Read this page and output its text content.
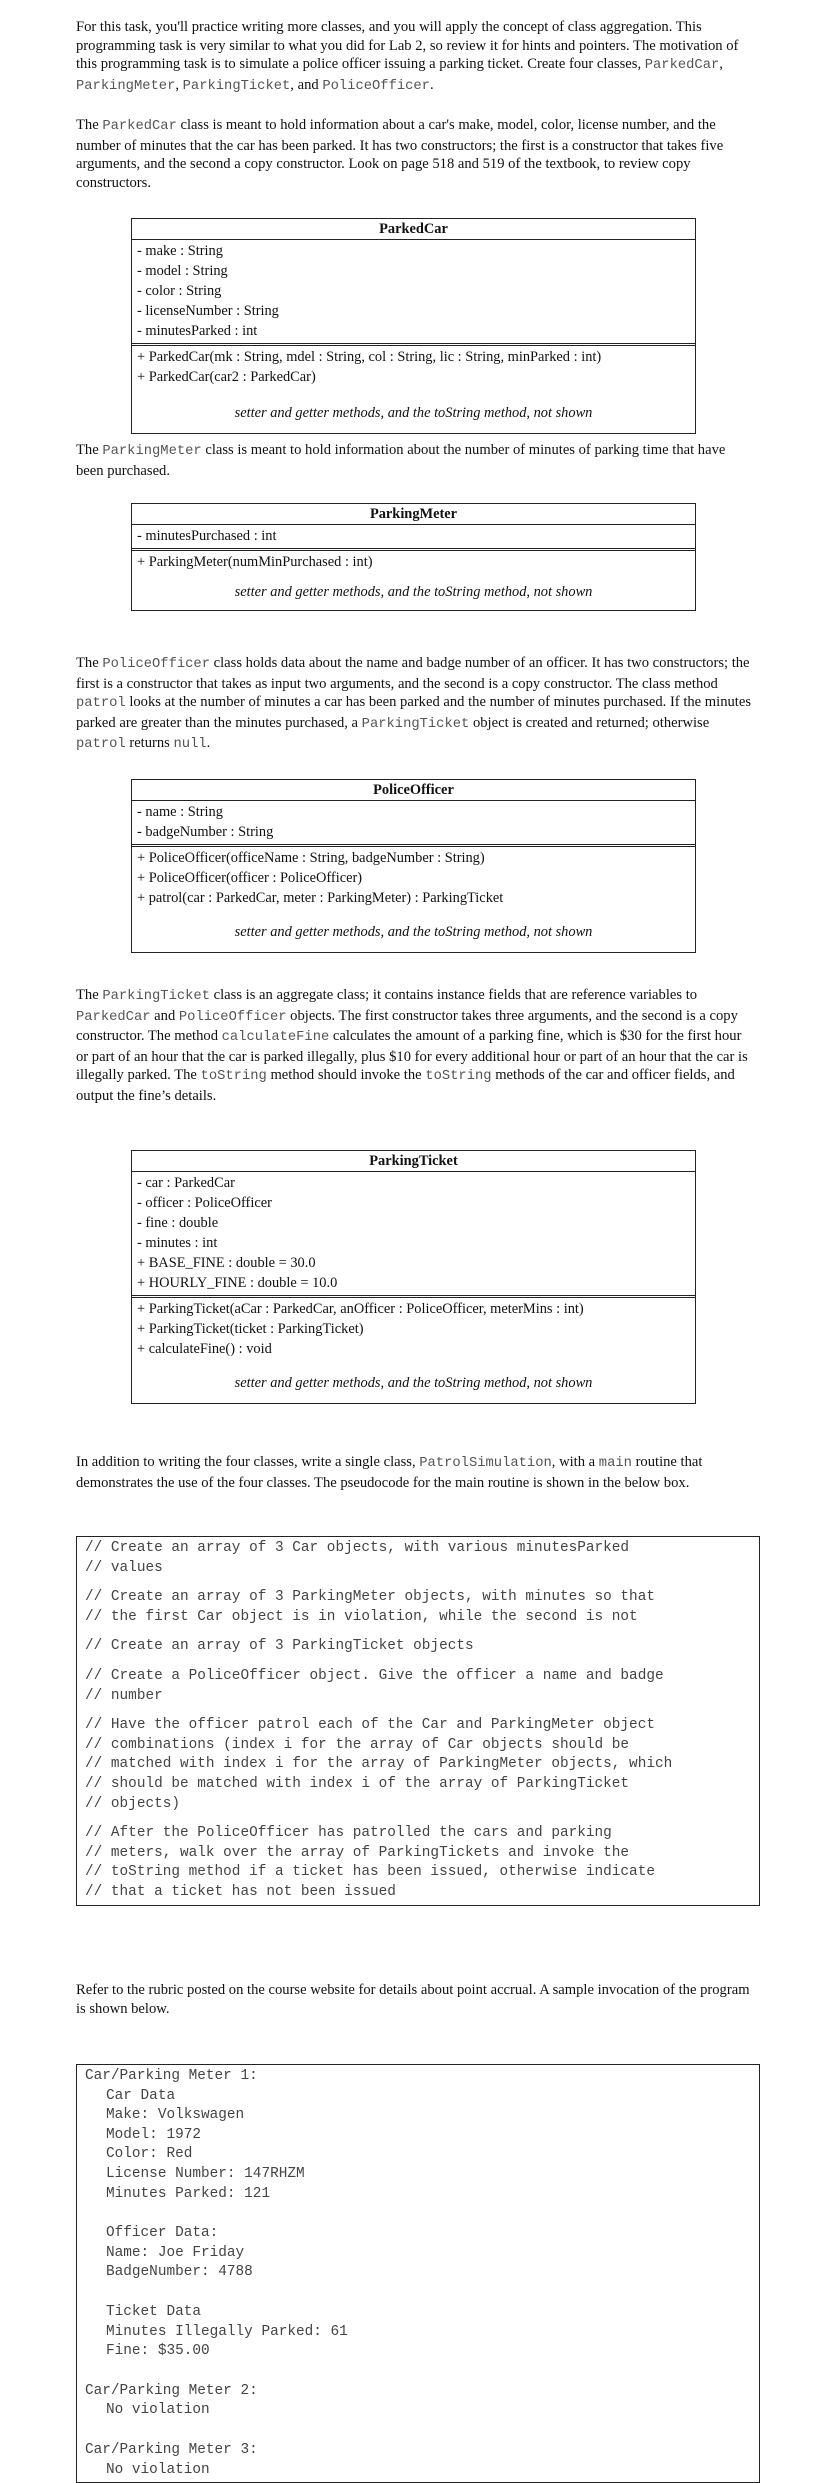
For this task, you'll practice writing more classes, and you will apply the concept of class aggregation. This programming task is very similar to what you did for Lab 2, so review it for hints and pointers. The motivation of this programming task is to simulate a police officer issuing a parking ticket. Create four classes, ParkedCar, ParkingMeter, ParkingTicket, and PoliceOfficer.

The ParkedCar class is meant to hold information about a car's make, model, color, license number, and the number of minutes that the car has been parked. It has two constructors; the first is a constructor that takes five arguments, and the second a copy constructor. Look on page 518 and 519 of the textbook, to review copy constructors.

ParkedCar
- make : String
- model : String
- color : String
- licenseNumber : String
- minutesParked : int
+ ParkedCar(mk : String, mdel : String, col : String, lic : String, minParked : int)
+ ParkedCar(car2 : ParkedCar)
setter and getter methods, and the toString method, not shown

The ParkingMeter class is meant to hold information about the number of minutes of parking time that have been purchased.

ParkingMeter
- minutesPurchased : int
+ ParkingMeter(numMinPurchased : int)
setter and getter methods, and the toString method, not shown

The PoliceOfficer class holds data about the name and badge number of an officer. It has two constructors; the first is a constructor that takes as input two arguments, and the second is a copy constructor. The class method patrol looks at the number of minutes a car has been parked and the number of minutes purchased. If the minutes parked are greater than the minutes purchased, a ParkingTicket object is created and returned; otherwise patrol returns null.

PoliceOfficer
- name : String
- badgeNumber : String
+ PoliceOfficer(officeName : String, badgeNumber : String)
+ PoliceOfficer(officer : PoliceOfficer)
+ patrol(car : ParkedCar, meter : ParkingMeter) : ParkingTicket
setter and getter methods, and the toString method, not shown

The ParkingTicket class is an aggregate class; it contains instance fields that are reference variables to ParkedCar and PoliceOfficer objects. The first constructor takes three arguments, and the second is a copy constructor. The method calculateFine calculates the amount of a parking fine, which is $30 for the first hour or part of an hour that the car is parked illegally, plus $10 for every additional hour or part of an hour that the car is illegally parked. The toString method should invoke the toString methods of the car and officer fields, and output the fine’s details.

ParkingTicket
- car : ParkedCar
- officer : PoliceOfficer
- fine : double
- minutes : int
+ BASE_FINE : double = 30.0
+ HOURLY_FINE : double = 10.0
+ ParkingTicket(aCar : ParkedCar, anOfficer : PoliceOfficer, meterMins : int)
+ ParkingTicket(ticket : ParkingTicket)
+ calculateFine() : void
setter and getter methods, and the toString method, not shown

In addition to writing the four classes, write a single class, PatrolSimulation, with a main routine that demonstrates the use of the four classes. The pseudocode for the main routine is shown in the below box.

// Create an array of 3 Car objects, with various minutesParked
// values
// Create an array of 3 ParkingMeter objects, with minutes so that
// the first Car object is in violation, while the second is not
// Create an array of 3 ParkingTicket objects
// Create a PoliceOfficer object. Give the officer a name and badge
// number
// Have the officer patrol each of the Car and ParkingMeter object
// combinations (index i for the array of Car objects should be
// matched with index i for the array of ParkingMeter objects, which
// should be matched with index i of the array of ParkingTicket
// objects)
// After the PoliceOfficer has patrolled the cars and parking
// meters, walk over the array of ParkingTickets and invoke the
// toString method if a ticket has been issued, otherwise indicate
// that a ticket has not been issued

Refer to the rubric posted on the course website for details about point accrual. A sample invocation of the program is shown below.

Car/Parking Meter 1:
Car Data
Make: Volkswagen
Model: 1972
Color: Red
License Number: 147RHZM
Minutes Parked: 121
Officer Data:
Name: Joe Friday
BadgeNumber: 4788
Ticket Data
Minutes Illegally Parked: 61
Fine: $35.00
Car/Parking Meter 2:
No violation
Car/Parking Meter 3:
No violation
